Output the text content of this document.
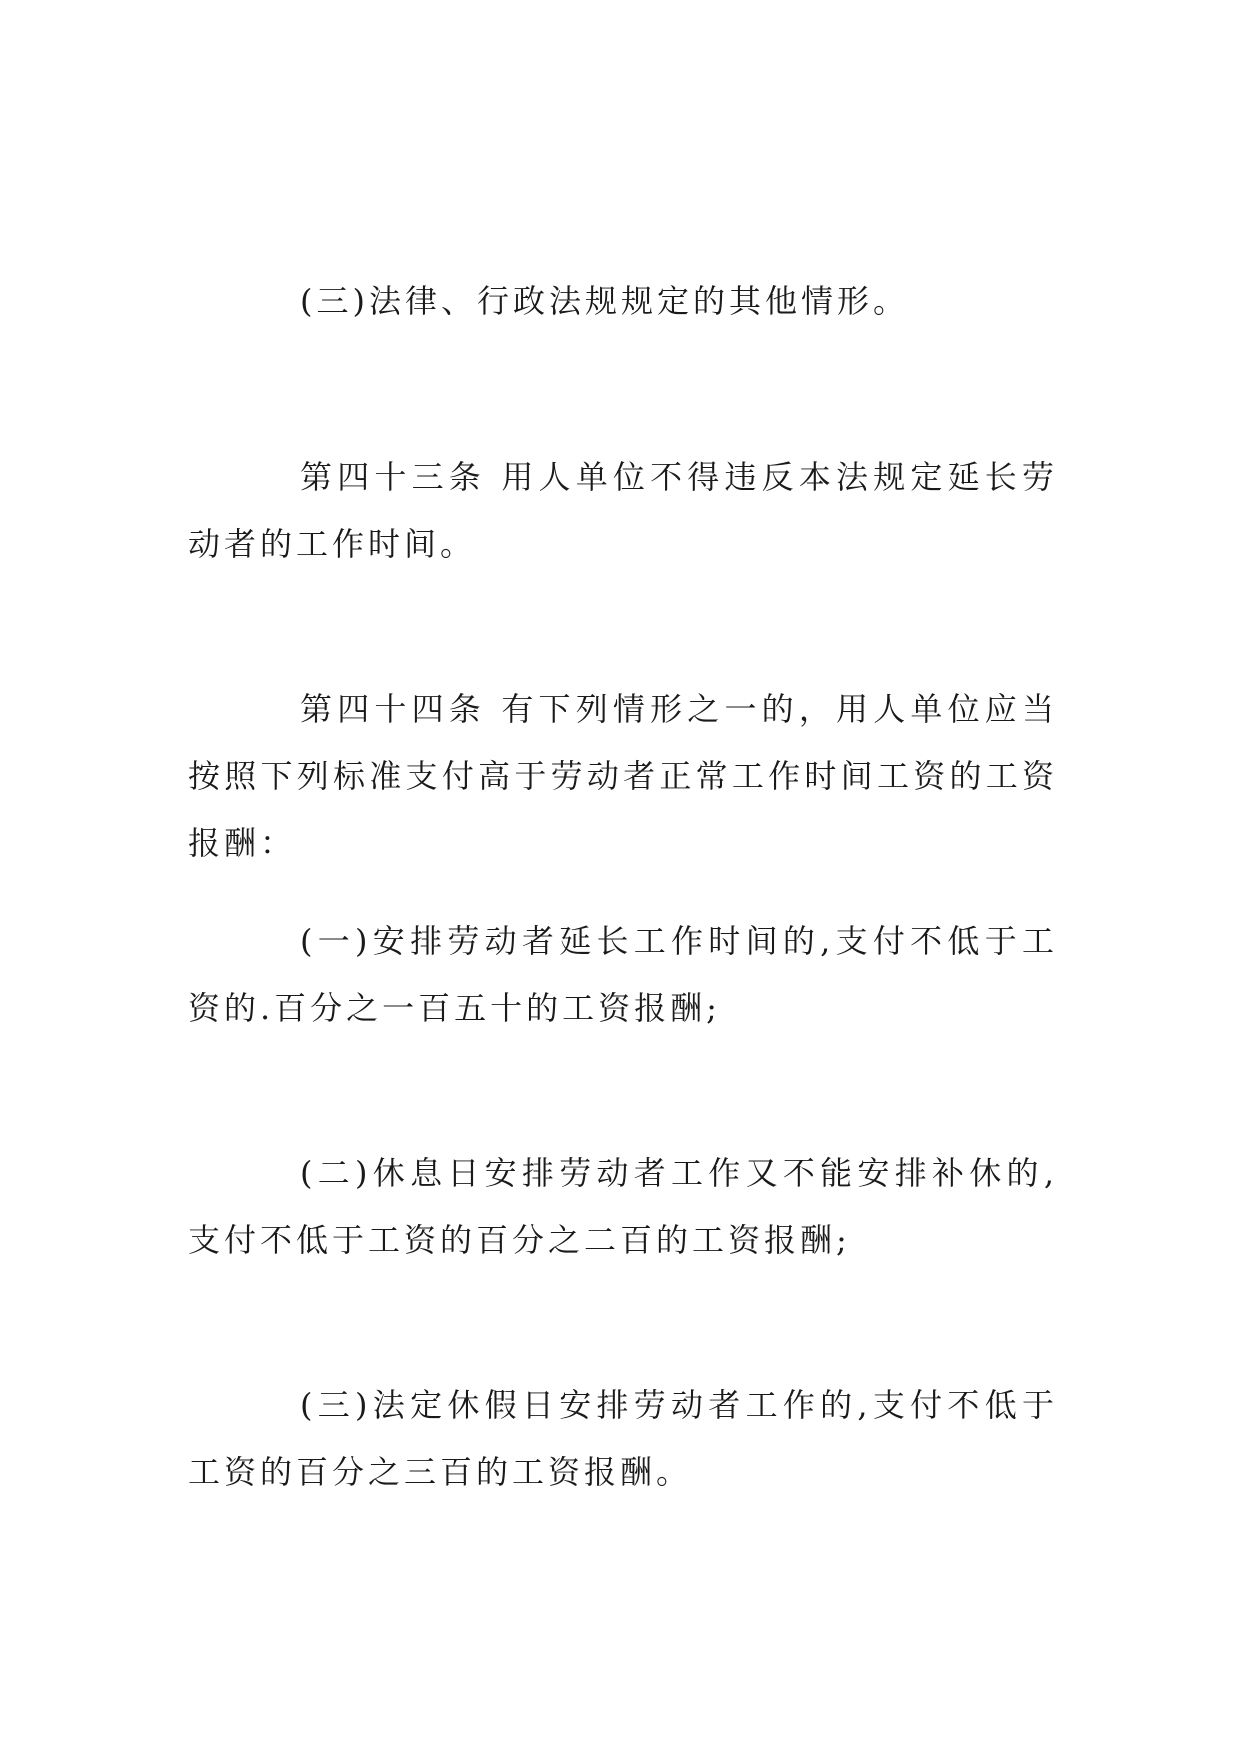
(三)法律、行政法规规定的其他情形。

第四十三条 用人单位不得违反本法规定延长劳动者的工作时间。

第四十四条 有下列情形之一的，用人单位应当按照下列标准支付高于劳动者正常工作时间工资的工资报酬：

(一)安排劳动者延长工作时间的,支付不低于工资的.百分之一百五十的工资报酬;

(二)休息日安排劳动者工作又不能安排补休的,支付不低于工资的百分之二百的工资报酬;

(三)法定休假日安排劳动者工作的,支付不低于工资的百分之三百的工资报酬。
